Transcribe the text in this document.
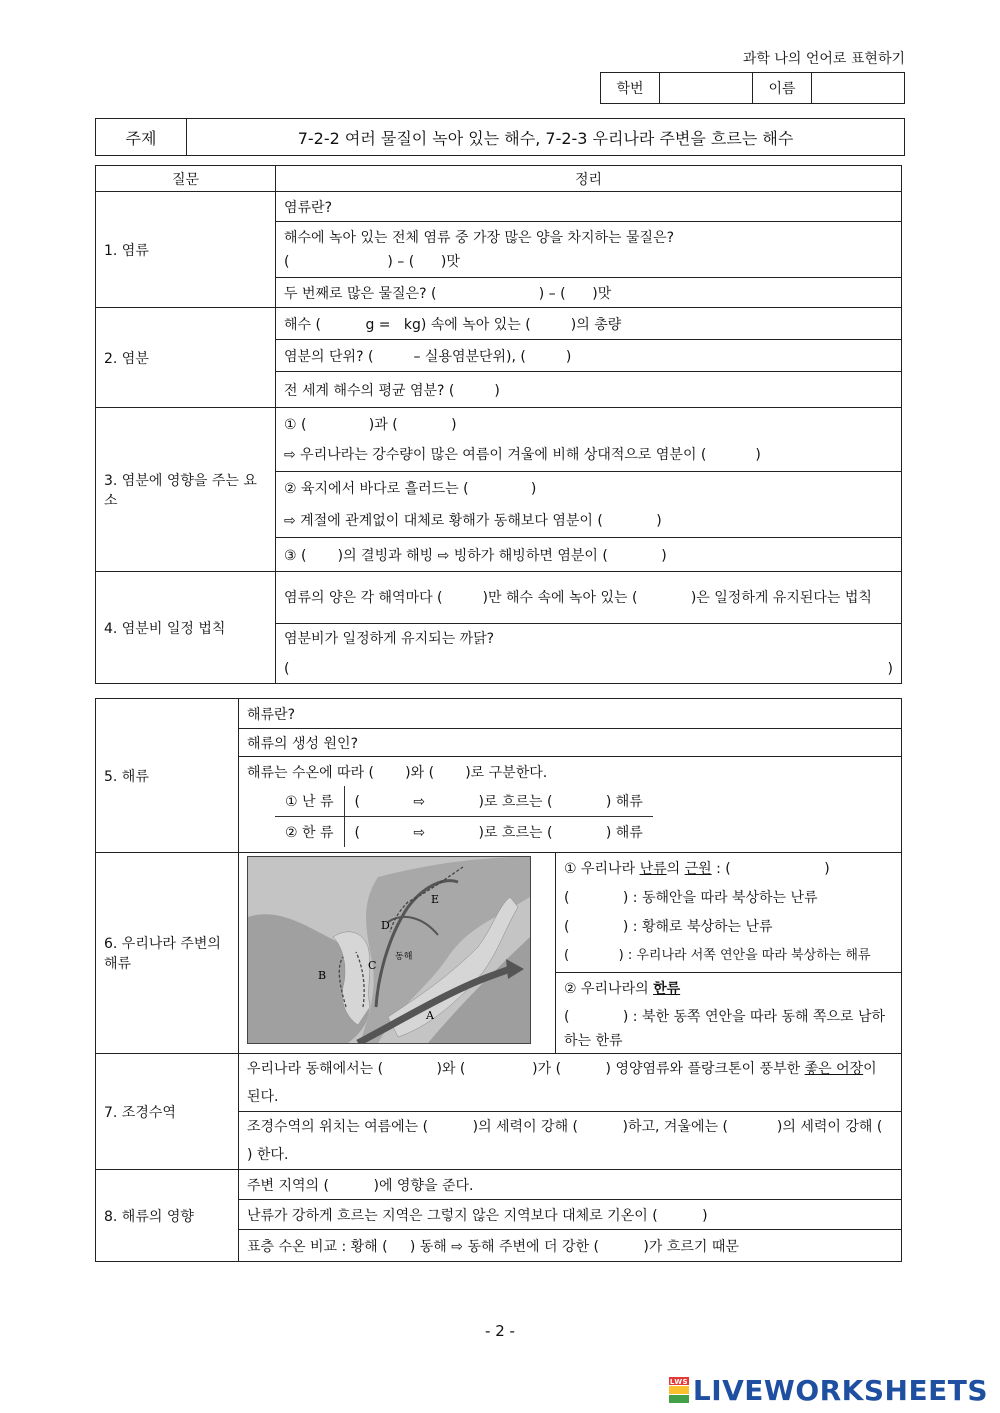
과학 나의 언어로 표현하기
학번		이름	
주제	7-2-2 여러 물질이 녹아 있는 해수, 7-2-3 우리나라 주변을 흐르는 해수
질문	정리
1. 염류	염류란?

	해수에 녹아 있는 전체 염류 중 가장 많은 양을 차지하는 물질은?
(                      ) – (      )맛

	두 번째로 많은 물질은? (                       ) – (      )맛
2. 염분	해수 (          g =   kg) 속에 녹아 있는 (         )의 총량
	염분의 단위? (         – 실용염분단위), (         )
	전 세계 해수의 평균 염분? (         )
3. 염분에 영향을 주는 요소	① (              )과 (            )
⇨ 우리나라는 강수량이 많은 여름이 겨울에 비해 상대적으로 염분이 (           )

	② 육지에서 바다로 흘러드는 (              )
⇨ 계절에 관계없이 대체로 황해가 동해보다 염분이 (            )

	③ (       )의 결빙과 해빙 ⇨ 빙하가 해빙하면 염분이 (            )
4. 염분비 일정 법칙	염류의 양은 각 해역마다 (         )만 해수 속에 녹아 있는 (            )은 일정하게 유지된다는 법칙

	염분비가 일정하게 유지되는 까닭?
( )
5. 해류	해류란?
해류의 생성 원인?

해류는 수온에 따라 (       )와 (       )로 구분한다.
① 난 류	(            ⇨            )로 흐르는 (            ) 해류
② 한 류	(            ⇨            )로 흐르는 (            ) 해류

6. 우리나라 주변의 해류	
A
B
C
D
E
동해
① 우리나라 난류의 근원 : (                     )
(            ) : 동해안을 따라 북상하는 난류
(            ) : 황해로 북상하는 난류
(            ) : 우리나라 서쪽 연안을 따라 북상하는 해류
② 우리나라의 한류
(            ) : 북한 동쪽 연안을 따라 동해 쪽으로 남하하는 한류

7. 조경수역	우리나라 동해에서는 (            )와 (               )가 (          ) 영양염류와 플랑크톤이 풍부한 좋은 어장이 된다.
조경수역의 위치는 여름에는 (          )의 세력이 강해 (          )하고, 겨울에는 (           )의 세력이 강해 (         ) 한다.
8. 해류의 영향	주변 지역의 (          )에 영향을 준다.
난류가 강하게 흐르는 지역은 그렇지 않은 지역보다 대체로 기온이 (          )
표층 수온 비교 : 황해 (     ) 동해 ⇨ 동해 주변에 더 강한 (          )가 흐르기 때문
- 2 -
LWS LIVEWORKSHEETS
